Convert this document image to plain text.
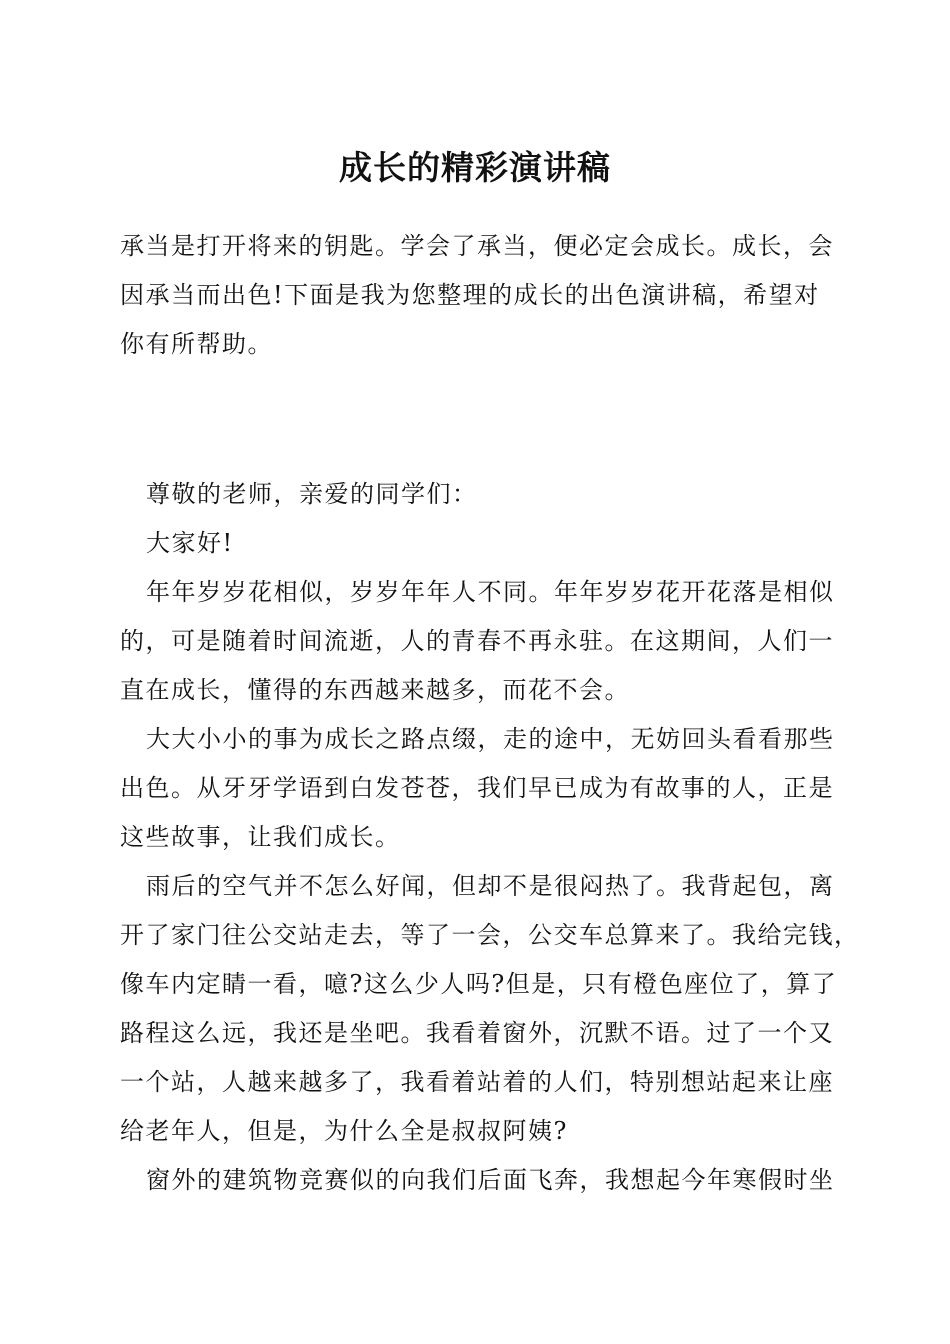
成长的精彩演讲稿
承当是打开将来的钥匙。学会了承当，便必定会成长。成长，会
因承当而出色!下面是我为您整理的成长的出色演讲稿，希望对
你有所帮助。
尊敬的老师，亲爱的同学们：
大家好!
年年岁岁花相似，岁岁年年人不同。年年岁岁花开花落是相似
的，可是随着时间流逝，人的青春不再永驻。在这期间，人们一
直在成长，懂得的东西越来越多，而花不会。
大大小小的事为成长之路点缀，走的途中，无妨回头看看那些
出色。从牙牙学语到白发苍苍，我们早已成为有故事的人，正是
这些故事，让我们成长。
雨后的空气并不怎么好闻，但却不是很闷热了。我背起包，离
开了家门往公交站走去，等了一会，公交车总算来了。我给完钱，
像车内定睛一看，噫?这么少人吗?但是，只有橙色座位了，算了
路程这么远，我还是坐吧。我看着窗外，沉默不语。过了一个又
一个站，人越来越多了，我看着站着的人们，特别想站起来让座
给老年人，但是，为什么全是叔叔阿姨?
窗外的建筑物竞赛似的向我们后面飞奔，我想起今年寒假时坐
